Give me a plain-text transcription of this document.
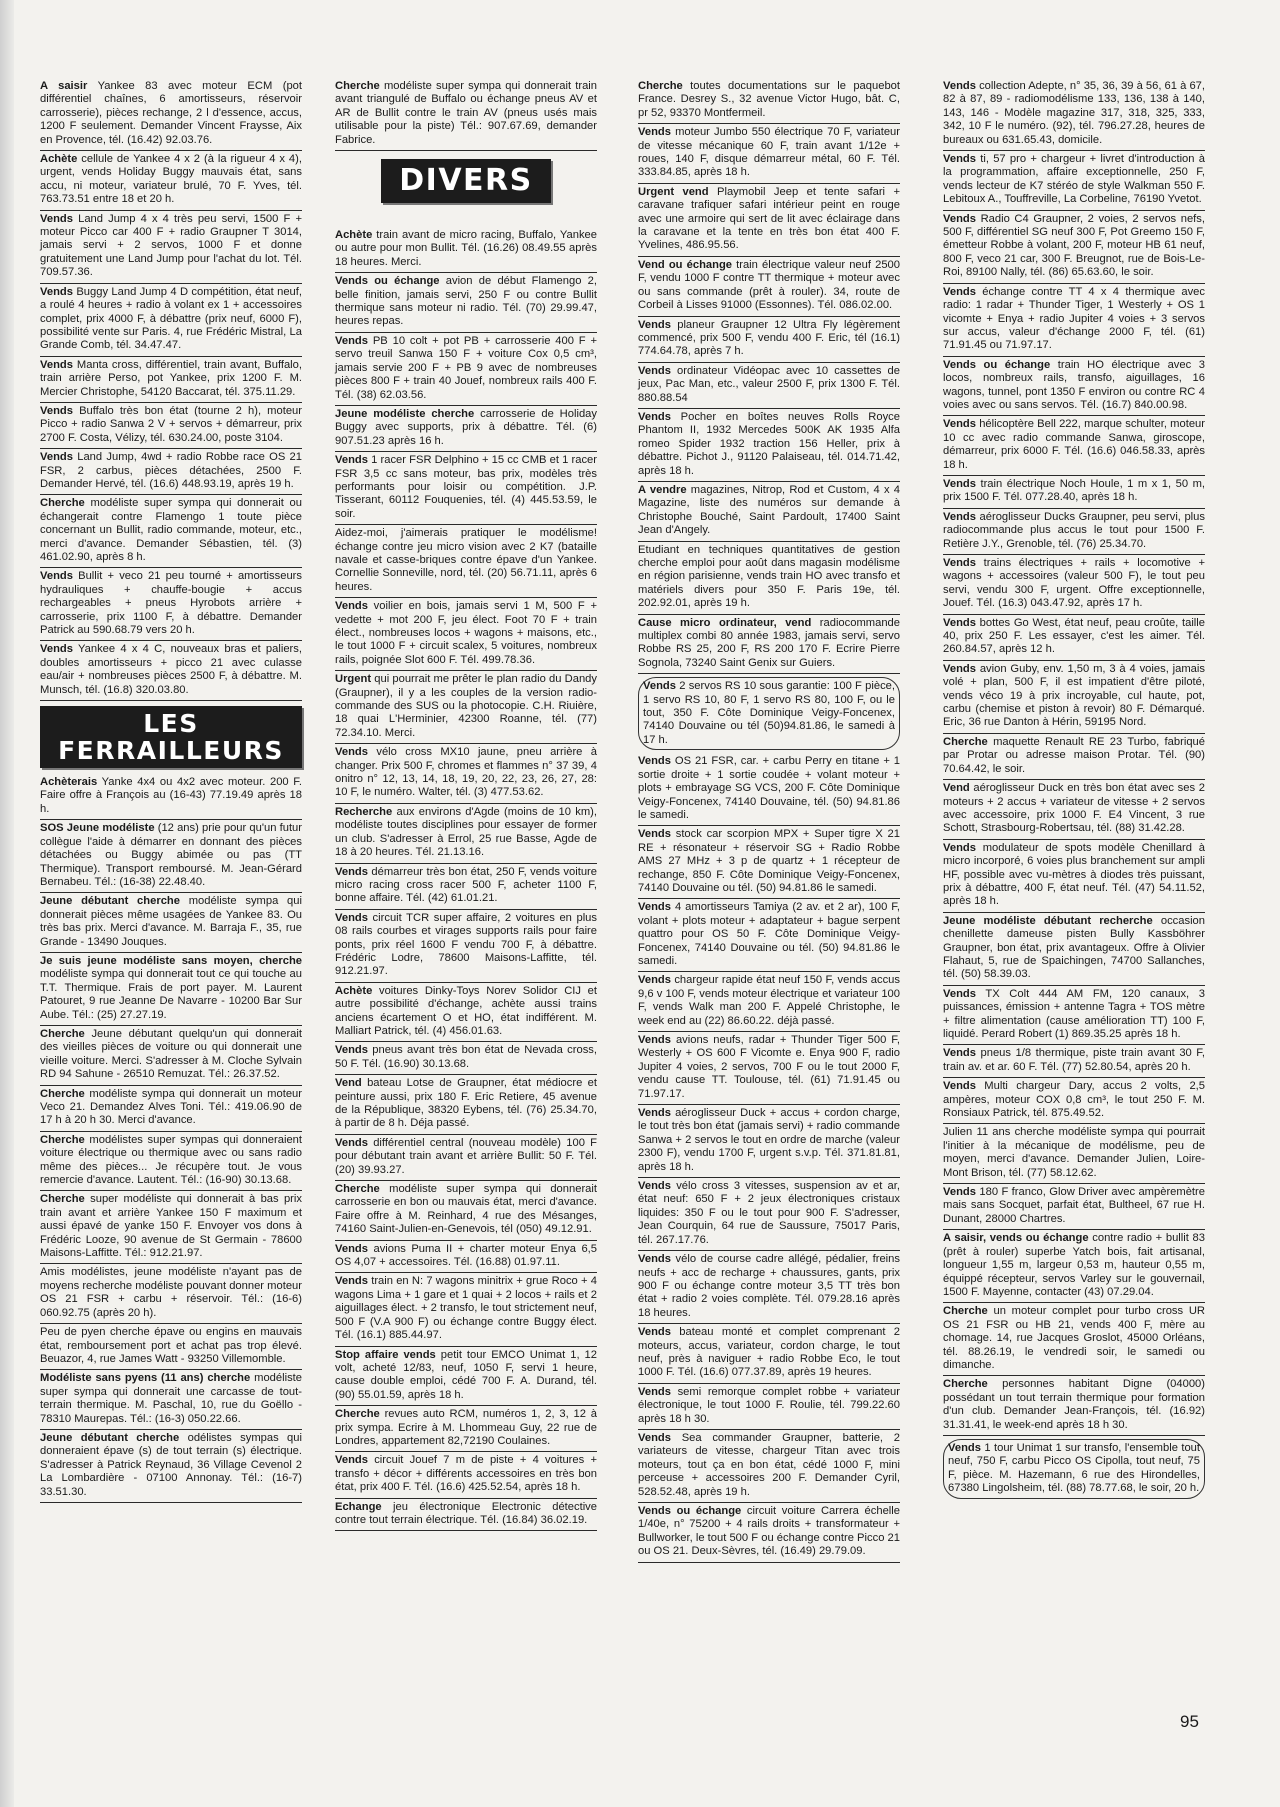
A saisir Yankee 83 avec moteur ECM (pot différentiel chaînes, 6 amortisseurs, réservoir carrosserie), pièces rechange, 2 l d'essence, accus, 1200 F seulement. Demander Vincent Fraysse, Aix en Provence, tél. (16.42) 92.03.76.
Achète cellule de Yankee 4 x 2 (à la rigueur 4 x 4), urgent, vends Holiday Buggy mauvais état, sans accu, ni moteur, variateur brulé, 70 F. Yves, tél. 763.73.51 entre 18 et 20 h.
Vends Land Jump 4 x 4 très peu servi, 1500 F + moteur Picco car 400 F + radio Graupner T 3014, jamais servi + 2 servos, 1000 F et donne gratuitement une Land Jump pour l'achat du lot. Tél. 709.57.36.
Vends Buggy Land Jump 4 D compétition, état neuf, a roulé 4 heures + radio à volant ex 1 + accessoires complet, prix 4000 F, à débattre (prix neuf, 6000 F), possibilité vente sur Paris. 4, rue Frédéric Mistral, La Grande Comb, tél. 34.47.47.
Vends Manta cross, différentiel, train avant, Buffalo, train arrière Perso, pot Yankee, prix 1200 F. M. Mercier Christophe, 54120 Baccarat, tél. 375.11.29.
Vends Buffalo très bon état (tourne 2 h), moteur Picco + radio Sanwa 2 V + servos + démarreur, prix 2700 F. Costa, Vélizy, tél. 630.24.00, poste 3104.
Vends Land Jump, 4wd + radio Robbe race OS 21 FSR, 2 carbus, pièces détachées, 2500 F. Demander Hervé, tél. (16.6) 448.93.19, après 19 h.
Cherche modéliste super sympa qui donnerait ou échangerait contre Flamengo 1 toute pièce concernant un Bullit, radio commande, moteur, etc., merci d'avance. Demander Sébastien, tél. (3) 461.02.90, après 8 h.
Vends Bullit + veco 21 peu tourné + amortisseurs hydrauliques + chauffe-bougie + accus rechargeables + pneus Hyrobots arrière + carrosserie, prix 1100 F, à débattre. Demander Patrick au 590.68.79 vers 20 h.
Vends Yankee 4 x 4 C, nouveaux bras et paliers, doubles amortisseurs + picco 21 avec culasse eau/air + nombreuses pièces 2500 F, à débattre. M. Munsch, tél. (16.8) 320.03.80.
LES FERRAILLEURS
Achèterais Yanke 4x4 ou 4x2 avec moteur. 200 F. Faire offre à François au (16-43) 77.19.49 après 18 h.
SOS Jeune modéliste (12 ans) prie pour qu'un futur collègue l'aide à démarrer en donnant des pièces détachées ou Buggy abimée ou pas (TT Thermique). Transport remboursé. M. Jean-Gérard Bernabeu. Tél.: (16-38) 22.48.40.
Jeune débutant cherche modéliste sympa qui donnerait pièces même usagées de Yankee 83. Ou très bas prix. Merci d'avance. M. Barraja F., 35, rue Grande - 13490 Jouques.
Je suis jeune modéliste sans moyen, cherche modéliste sympa qui donnerait tout ce qui touche au T.T. Thermique. Frais de port payer. M. Laurent Patouret, 9 rue Jeanne De Navarre - 10200 Bar Sur Aube. Tél.: (25) 27.27.19.
Cherche Jeune débutant quelqu'un qui donnerait des vieilles pièces de voiture ou qui donnerait une vieille voiture. Merci. S'adresser à M. Cloche Sylvain RD 94 Sahune - 26510 Remuzat. Tél.: 26.37.52.
Cherche modéliste sympa qui donnerait un moteur Veco 21. Demandez Alves Toni. Tél.: 419.06.90 de 17 h à 20 h 30. Merci d'avance.
Cherche modélistes super sympas qui donneraient voiture électrique ou thermique avec ou sans radio même des pièces... Je récupère tout. Je vous remercie d'avance. Lautent. Tél.: (16-90) 30.13.68.
Cherche super modéliste qui donnerait à bas prix train avant et arrière Yankee 150 F maximum et aussi épavé de yanke 150 F. Envoyer vos dons à Frédéric Looze, 90 avenue de St Germain - 78600 Maisons-Laffitte. Tél.: 912.21.97.
Amis modélistes, jeune modéliste n'ayant pas de moyens recherche modéliste pouvant donner moteur OS 21 FSR + carbu + réservoir. Tél.: (16-6) 060.92.75 (après 20 h).
Peu de pyen cherche épave ou engins en mauvais état, remboursement port et achat pas trop élevé. Beuazor, 4, rue James Watt - 93250 Villemomble.
Modéliste sans pyens (11 ans) cherche modéliste super sympa qui donnerait une carcasse de tout-terrain thermique. M. Paschal, 10, rue du Goëllo - 78310 Maurepas. Tél.: (16-3) 050.22.66.
Jeune débutant cherche odélistes sympas qui donneraient épave (s) de tout terrain (s) électrique. S'adresser à Patrick Reynaud, 36 Village Cevenol 2 La Lombardière - 07100 Annonay. Tél.: (16-7) 33.51.30.
Cherche modéliste super sympa qui donnerait train avant triangulé de Buffalo ou échange pneus AV et AR de Bullit contre le train AV (pneus usés mais utilisable pour la piste) Tél.: 907.67.69, demander Fabrice.
DIVERS
Achète train avant de micro racing, Buffalo, Yankee ou autre pour mon Bullit. Tél. (16.26) 08.49.55 après 18 heures. Merci.
Vends ou échange avion de début Flamengo 2, belle finition, jamais servi, 250 F ou contre Bullit thermique sans moteur ni radio. Tél. (70) 29.99.47, heures repas.
Vends PB 10 colt + pot PB + carrosserie 400 F + servo treuil Sanwa 150 F + voiture Cox 0,5 cm³, jamais servie 200 F + PB 9 avec de nombreuses pièces 800 F + train 40 Jouef, nombreux rails 400 F. Tél. (38) 62.03.56.
Jeune modéliste cherche carrosserie de Holiday Buggy avec supports, prix à débattre. Tél. (6) 907.51.23 après 16 h.
Vends 1 racer FSR Delphino + 15 cc CMB et 1 racer FSR 3,5 cc sans moteur, bas prix, modèles très performants pour loisir ou compétition. J.P. Tisserant, 60112 Fouquenies, tél. (4) 445.53.59, le soir.
Aidez-moi, j'aimerais pratiquer le modélisme! échange contre jeu micro vision avec 2 K7 (bataille navale et casse-briques contre épave d'un Yankee. Cornellie Sonneville, nord, tél. (20) 56.71.11, après 6 heures.
Vends voilier en bois, jamais servi 1 M, 500 F + vedette + mot 200 F, jeu élect. Foot 70 F + train élect., nombreuses locos + wagons + maisons, etc., le tout 1000 F + circuit scalex, 5 voitures, nombreux rails, poignée Slot 600 F. Tél. 499.78.36.
Urgent qui pourrait me prêter le plan radio du Dandy (Graupner), il y a les couples de la version radio-commande des SUS ou la photocopie. C.H. Riuière, 18 quai L'Herminier, 42300 Roanne, tél. (77) 72.34.10. Merci.
Vends vélo cross MX10 jaune, pneu arrière à changer. Prix 500 F, chromes et flammes n° 37 39, 4 onitro n° 12, 13, 14, 18, 19, 20, 22, 23, 26, 27, 28: 10 F, le numéro. Walter, tél. (3) 477.53.62.
Recherche aux environs d'Agde (moins de 10 km), modéliste toutes disciplines pour essayer de former un club. S'adresser à Errol, 25 rue Basse, Agde de 18 à 20 heures. Tél. 21.13.16.
Vends démarreur très bon état, 250 F, vends voiture micro racing cross racer 500 F, acheter 1100 F, bonne affaire. Tél. (42) 61.01.21.
Vends circuit TCR super affaire, 2 voitures en plus 08 rails courbes et virages supports rails pour faire ponts, prix réel 1600 F vendu 700 F, à débattre. Frédéric Lodre, 78600 Maisons-Laffitte, tél. 912.21.97.
Achète voitures Dinky-Toys Norev Solidor CIJ et autre possibilité d'échange, achète aussi trains anciens écartement O et HO, état indifférent. M. Malliart Patrick, tél. (4) 456.01.63.
Vends pneus avant très bon état de Nevada cross, 50 F. Tél. (16.90) 30.13.68.
Vend bateau Lotse de Graupner, état médiocre et peinture aussi, prix 180 F. Eric Retiere, 45 avenue de la République, 38320 Eybens, tél. (76) 25.34.70, à partir de 8 h. Déja passé.
Vends différentiel central (nouveau modèle) 100 F pour débutant train avant et arrière Bullit: 50 F. Tél. (20) 39.93.27.
Cherche modéliste super sympa qui donnerait carrosserie en bon ou mauvais état, merci d'avance. Faire offre à M. Reinhard, 4 rue des Mésanges, 74160 Saint-Julien-en-Genevois, tél (050) 49.12.91.
Vends avions Puma II + charter moteur Enya 6,5 OS 4,07 + accessoires. Tél. (16.88) 01.97.11.
Vends train en N: 7 wagons minitrix + grue Roco + 4 wagons Lima + 1 gare et 1 quai + 2 locos + rails et 2 aiguillages élect. + 2 transfo, le tout strictement neuf, 500 F (V.A 900 F) ou échange contre Buggy élect. Tél. (16.1) 885.44.97.
Stop affaire vends petit tour EMCO Unimat 1, 12 volt, acheté 12/83, neuf, 1050 F, servi 1 heure, cause double emploi, cédé 700 F. A. Durand, tél. (90) 55.01.59, après 18 h.
Cherche revues auto RCM, numéros 1, 2, 3, 12 à prix sympa. Ecrire à M. Lhommeau Guy, 22 rue de Londres, appartement 82,72190 Coulaines.
Vends circuit Jouef 7 m de piste + 4 voitures + transfo + décor + différents accessoires en très bon état, prix 400 F. Tél. (16.6) 425.52.54, après 18 h.
Echange jeu électronique Electronic détective contre tout terrain électrique. Tél. (16.84) 36.02.19.
Cherche toutes documentations sur le paquebot France. Desrey S., 32 avenue Victor Hugo, bât. C, pr 52, 93370 Montfermeil.
Vends moteur Jumbo 550 électrique 70 F, variateur de vitesse mécanique 60 F, train avant 1/12e + roues, 140 F, disque démarreur métal, 60 F. Tél. 333.84.85, après 18 h.
Urgent vend Playmobil Jeep et tente safari + caravane trafiquer safari intérieur peint en rouge avec une armoire qui sert de lit avec éclairage dans la caravane et la tente en très bon état 400 F. Yvelines, 486.95.56.
Vend ou échange train électrique valeur neuf 2500 F, vendu 1000 F contre TT thermique + moteur avec ou sans commande (prêt à rouler). 34, route de Corbeil à Lisses 91000 (Essonnes). Tél. 086.02.00.
Vends planeur Graupner 12 Ultra Fly légèrement commencé, prix 500 F, vendu 400 F. Eric, tél (16.1) 774.64.78, après 7 h.
Vends ordinateur Vidéopac avec 10 cassettes de jeux, Pac Man, etc., valeur 2500 F, prix 1300 F. Tél. 880.88.54
Vends Pocher en boîtes neuves Rolls Royce Phantom II, 1932 Mercedes 500K AK 1935 Alfa romeo Spider 1932 traction 156 Heller, prix à débattre. Pichot J., 91120 Palaiseau, tél. 014.71.42, après 18 h.
A vendre magazines, Nitrop, Rod et Custom, 4 x 4 Magazine, liste des numéros sur demande à Christophe Bouché, Saint Pardoult, 17400 Saint Jean d'Angely.
Etudiant en techniques quantitatives de gestion cherche emploi pour août dans magasin modélisme en région parisienne, vends train HO avec transfo et matériels divers pour 350 F. Paris 19e, tél. 202.92.01, après 19 h.
Cause micro ordinateur, vend radiocommande multiplex combi 80 année 1983, jamais servi, servo Robbe RS 25, 200 F, RS 200 170 F. Ecrire Pierre Sognola, 73240 Saint Genix sur Guiers.
Vends 2 servos RS 10 sous garantie: 100 F pièce, 1 servo RS 10, 80 F, 1 servo RS 80, 100 F, ou le tout, 350 F. Côte Dominique Veigy-Foncenex, 74140 Douvaine ou tél (50)94.81.86, le samedi à 17 h.
Vends OS 21 FSR, car. + carbu Perry en titane + 1 sortie droite + 1 sortie coudée + volant moteur + plots + embrayage SG VCS, 200 F. Côte Dominique Veigy-Foncenex, 74140 Douvaine, tél. (50) 94.81.86 le samedi.
Vends stock car scorpion MPX + Super tigre X 21 RE + résonateur + réservoir SG + Radio Robbe AMS 27 MHz + 3 p de quartz + 1 récepteur de rechange, 850 F. Côte Dominique Veigy-Foncenex, 74140 Douvaine ou tél. (50) 94.81.86 le samedi.
Vends 4 amortisseurs Tamiya (2 av. et 2 ar), 100 F, volant + plots moteur + adaptateur + bague serpent quattro pour OS 50 F. Côte Dominique Veigy-Foncenex, 74140 Douvaine ou tél. (50) 94.81.86 le samedi.
Vends chargeur rapide état neuf 150 F, vends accus 9,6 v 100 F, vends moteur électrique et variateur 100 F, vends Walk man 200 F. Appelé Christophe, le week end au (22) 86.60.22. déjà passé.
Vends avions neufs, radar + Thunder Tiger 500 F, Westerly + OS 600 F Vicomte e. Enya 900 F, radio Jupiter 4 voies, 2 servos, 700 F ou le tout 2000 F, vendu cause TT. Toulouse, tél. (61) 71.91.45 ou 71.97.17.
Vends aéroglisseur Duck + accus + cordon charge, le tout très bon état (jamais servi) + radio commande Sanwa + 2 servos le tout en ordre de marche (valeur 2300 F), vendu 1700 F, urgent s.v.p. Tél. 371.81.81, après 18 h.
Vends vélo cross 3 vitesses, suspension av et ar, état neuf: 650 F + 2 jeux électroniques cristaux liquides: 350 F ou le tout pour 900 F. S'adresser, Jean Courquin, 64 rue de Saussure, 75017 Paris, tél. 267.17.76.
Vends vélo de course cadre allégé, pédalier, freins neufs + acc de recharge + chaussures, gants, prix 900 F ou échange contre moteur 3,5 TT très bon état + radio 2 voies complète. Tél. 079.28.16 après 18 heures.
Vends bateau monté et complet comprenant 2 moteurs, accus, variateur, cordon charge, le tout neuf, près à naviguer + radio Robbe Eco, le tout 1000 F. Tél. (16.6) 077.37.89, après 19 heures.
Vends semi remorque complet robbe + variateur électronique, le tout 1000 F. Roulie, tél. 799.22.60 après 18 h 30.
Vends Sea commander Graupner, batterie, 2 variateurs de vitesse, chargeur Titan avec trois moteurs, tout ça en bon état, cédé 1000 F, mini perceuse + accessoires 200 F. Demander Cyril, 528.52.48, après 19 h.
Vends ou échange circuit voiture Carrera échelle 1/40e, n° 75200 + 4 rails droits + transformateur + Bullworker, le tout 500 F ou échange contre Picco 21 ou OS 21. Deux-Sèvres, tél. (16.49) 29.79.09.
Vends collection Adepte, n° 35, 36, 39 à 56, 61 à 67, 82 à 87, 89 - radiomodélisme 133, 136, 138 à 140, 143, 146 - Modèle magazine 317, 318, 325, 333, 342, 10 F le numéro. (92), tél. 796.27.28, heures de bureaux ou 631.65.43, domicile.
Vends ti, 57 pro + chargeur + livret d'introduction à la programmation, affaire exceptionnelle, 250 F, vends lecteur de K7 stéréo de style Walkman 550 F. Lebitoux A., Touffreville, La Corbeline, 76190 Yvetot.
Vends Radio C4 Graupner, 2 voies, 2 servos nefs, 500 F, différentiel SG neuf 300 F, Pot Greemo 150 F, émetteur Robbe à volant, 200 F, moteur HB 61 neuf, 800 F, veco 21 car, 300 F. Breugnot, rue de Bois-Le-Roi, 89100 Nally, tél. (86) 65.63.60, le soir.
Vends échange contre TT 4 x 4 thermique avec radio: 1 radar + Thunder Tiger, 1 Westerly + OS 1 vicomte + Enya + radio Jupiter 4 voies + 3 servos sur accus, valeur d'échange 2000 F, tél. (61) 71.91.45 ou 71.97.17.
Vends ou échange train HO électrique avec 3 locos, nombreux rails, transfo, aiguillages, 16 wagons, tunnel, pont 1350 F environ ou contre RC 4 voies avec ou sans servos. Tél. (16.7) 840.00.98.
Vends hélicoptère Bell 222, marque schulter, moteur 10 cc avec radio commande Sanwa, giroscope, démarreur, prix 6000 F. Tél. (16.6) 046.58.33, après 18 h.
Vends train électrique Noch Houle, 1 m x 1, 50 m, prix 1500 F. Tél. 077.28.40, après 18 h.
Vends aéroglisseur Ducks Graupner, peu servi, plus radiocommande plus accus le tout pour 1500 F. Retière J.Y., Grenoble, tél. (76) 25.34.70.
Vends trains électriques + rails + locomotive + wagons + accessoires (valeur 500 F), le tout peu servi, vendu 300 F, urgent. Offre exceptionnelle, Jouef. Tél. (16.3) 043.47.92, après 17 h.
Vends bottes Go West, état neuf, peau croûte, taille 40, prix 250 F. Les essayer, c'est les aimer. Tél. 260.84.57, après 12 h.
Vends avion Guby, env. 1,50 m, 3 à 4 voies, jamais volé + plan, 500 F, il est impatient d'être piloté, vends véco 19 à prix incroyable, cul haute, pot, carbu (chemise et piston à revoir) 80 F. Démarqué. Eric, 36 rue Danton à Hérin, 59195 Nord.
Cherche maquette Renault RE 23 Turbo, fabriqué par Protar ou adresse maison Protar. Tél. (90) 70.64.42, le soir.
Vend aéroglisseur Duck en très bon état avec ses 2 moteurs + 2 accus + variateur de vitesse + 2 servos avec accessoire, prix 1000 F. E4 Vincent, 3 rue Schott, Strasbourg-Robertsau, tél. (88) 31.42.28.
Vends modulateur de spots modèle Chenillard à micro incorporé, 6 voies plus branchement sur ampli HF, possible avec vu-mètres à diodes très puissant, prix à débattre, 400 F, état neuf. Tél. (47) 54.11.52, après 18 h.
Jeune modéliste débutant recherche occasion chenillette dameuse pisten Bully Kassböhrer Graupner, bon état, prix avantageux. Offre à Olivier Flahaut, 5, rue de Spaichingen, 74700 Sallanches, tél. (50) 58.39.03.
Vends TX Colt 444 AM FM, 120 canaux, 3 puissances, émission + antenne Tagra + TOS mètre + filtre alimentation (cause amélioration TT) 100 F, liquidé. Perard Robert (1) 869.35.25 après 18 h.
Vends pneus 1/8 thermique, piste train avant 30 F, train av. et ar. 60 F. Tél. (77) 52.80.54, après 20 h.
Vends Multi chargeur Dary, accus 2 volts, 2,5 ampères, moteur COX 0,8 cm³, le tout 250 F. M. Ronsiaux Patrick, tél. 875.49.52.
Julien 11 ans cherche modéliste sympa qui pourrait l'initier à la mécanique de modélisme, peu de moyen, merci d'avance. Demander Julien, Loire-Mont Brison, tél. (77) 58.12.62.
Vends 180 F franco, Glow Driver avec ampèremètre mais sans Socquet, parfait état, Bultheel, 67 rue H. Dunant, 28000 Chartres.
A saisir, vends ou échange contre radio + bullit 83 (prêt à rouler) superbe Yatch bois, fait artisanal, longueur 1,55 m, largeur 0,53 m, hauteur 0,55 m, équippé récepteur, servos Varley sur le gouvernail, 1500 F. Mayenne, contacter (43) 07.29.04.
Cherche un moteur complet pour turbo cross UR OS 21 FSR ou HB 21, vends 400 F, mère au chomage. 14, rue Jacques Groslot, 45000 Orléans, tél. 88.26.19, le vendredi soir, le samedi ou dimanche.
Cherche personnes habitant Digne (04000) possédant un tout terrain thermique pour formation d'un club. Demander Jean-François, tél. (16.92) 31.31.41, le week-end après 18 h 30.
Vends 1 tour Unimat 1 sur transfo, l'ensemble tout neuf, 750 F, carbu Picco OS Cipolla, tout neuf, 75 F, pièce. M. Hazemann, 6 rue des Hirondelles, 67380 Lingolsheim, tél. (88) 78.77.68, le soir, 20 h.
95
